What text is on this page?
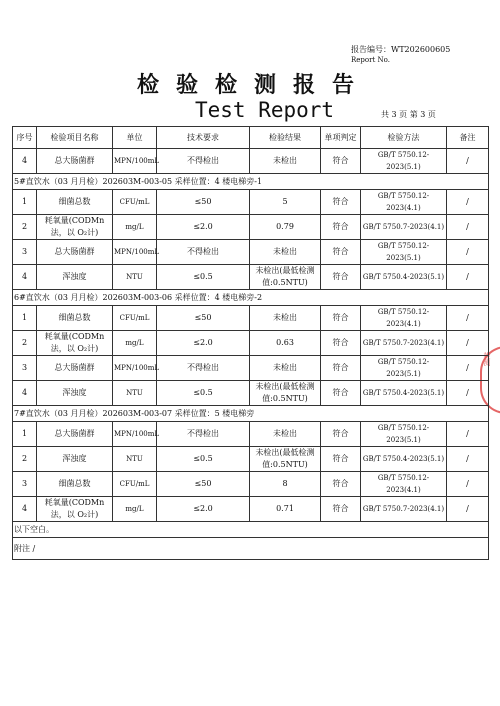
报告编号：WT202600605
Report No.
检验检测报告
Test Report	共 3 页 第 3 页
检测
序号	检验项目名称	单位	技术要求	检验结果	单项判定	检验方法	备注
4	总大肠菌群	MPN/100mL	不得检出	未检出	符合	GB/T 5750.12-2023(5.1)	/
5#直饮水（03 月月检）202603M-003-05 采样位置：4 楼电梯旁-1							
1	细菌总数	CFU/mL	≤50	5	符合	GB/T 5750.12-2023(4.1)	/
2	耗氧量(CODMn 法，以 O₂计)	mg/L	≤2.0	0.79	符合	GB/T 5750.7-2023(4.1)	/
3	总大肠菌群	MPN/100mL	不得检出	未检出	符合	GB/T 5750.12-2023(5.1)	/
4	浑浊度	NTU	≤0.5	未检出(最低检测值:0.5NTU)	符合	GB/T 5750.4-2023(5.1)	/
6#直饮水（03 月月检）202603M-003-06 采样位置：4 楼电梯旁-2							
1	细菌总数	CFU/mL	≤50	未检出	符合	GB/T 5750.12-2023(4.1)	/
2	耗氧量(CODMn 法，以 O₂计)	mg/L	≤2.0	0.63	符合	GB/T 5750.7-2023(4.1)	/
3	总大肠菌群	MPN/100mL	不得检出	未检出	符合	GB/T 5750.12-2023(5.1)	/
4	浑浊度	NTU	≤0.5	未检出(最低检测值:0.5NTU)	符合	GB/T 5750.4-2023(5.1)	/
7#直饮水（03 月月检）202603M-003-07 采样位置：5 楼电梯旁							
1	总大肠菌群	MPN/100mL	不得检出	未检出	符合	GB/T 5750.12-2023(5.1)	/
2	浑浊度	NTU	≤0.5	未检出(最低检测值:0.5NTU)	符合	GB/T 5750.4-2023(5.1)	/
3	细菌总数	CFU/mL	≤50	8	符合	GB/T 5750.12-2023(4.1)	/
4	耗氧量(CODMn 法，以 O₂计)	mg/L	≤2.0	0.71	符合	GB/T 5750.7-2023(4.1)	/
以下空白。							
附注 /							
